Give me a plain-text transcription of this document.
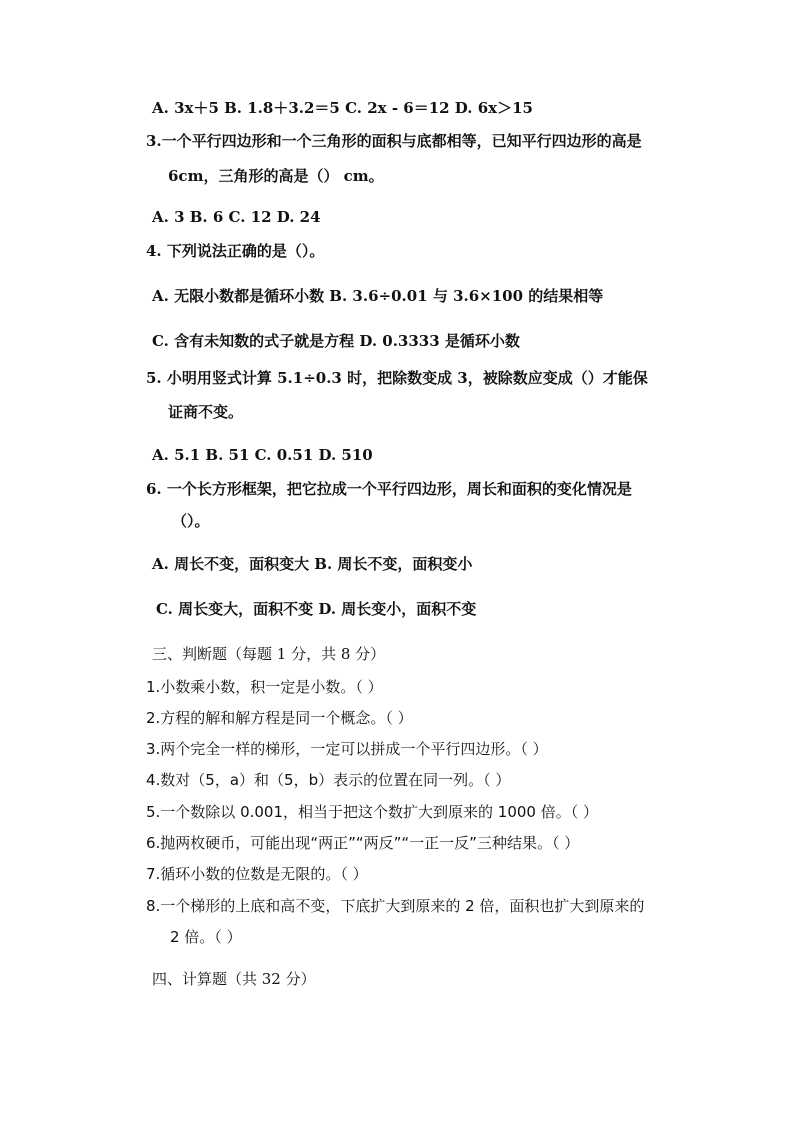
A. 3x＋5 B. 1.8＋3.2＝5 C. 2x - 6＝12 D. 6x＞15
3.一个平行四边形和一个三角形的面积与底都相等，已知平行四边形的高是
6cm，三角形的高是（） cm。
A. 3 B. 6 C. 12 D. 24
4. 下列说法正确的是（）。
A. 无限小数都是循环小数 B. 3.6÷0.01 与 3.6×100 的结果相等
C. 含有未知数的式子就是方程 D. 0.3333 是循环小数
5. 小明用竖式计算 5.1÷0.3 时，把除数变成 3，被除数应变成（）才能保
证商不变。
A. 5.1 B. 51 C. 0.51 D. 510
6. 一个长方形框架，把它拉成一个平行四边形，周长和面积的变化情况是
（）。
A. 周长不变，面积变大 B. 周长不变，面积变小
C. 周长变大，面积不变 D. 周长变小，面积不变
三、判断题（每题 1 分，共 8 分）
1.小数乘小数，积一定是小数。（ ）
2.方程的解和解方程是同一个概念。（ ）
3.两个完全一样的梯形，一定可以拼成一个平行四边形。（ ）
4.数对（5，a）和（5，b）表示的位置在同一列。（ ）
5.一个数除以 0.001，相当于把这个数扩大到原来的 1000 倍。（ ）
6.抛两枚硬币，可能出现“两正”“两反”“一正一反”三种结果。（ ）
7.循环小数的位数是无限的。（ ）
8.一个梯形的上底和高不变，下底扩大到原来的 2 倍，面积也扩大到原来的
2 倍。（ ）
四、计算题（共 32 分）
